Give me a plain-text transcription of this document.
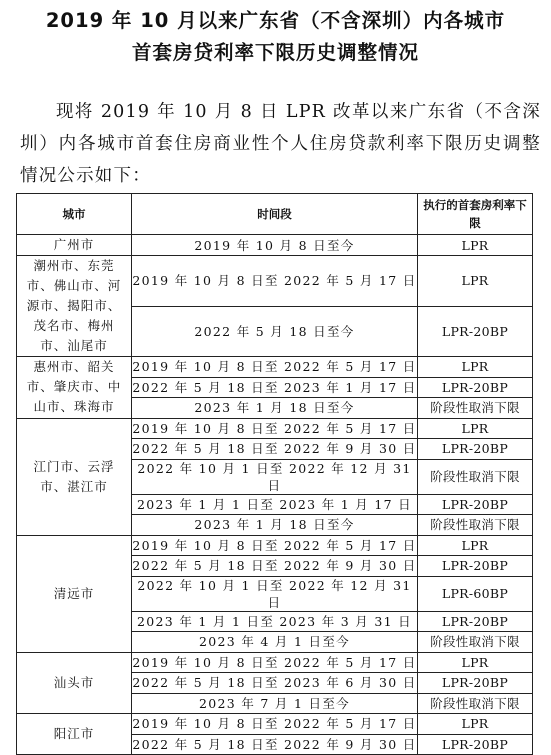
2019 年 10 月以来广东省（不含深圳）内各城市
首套房贷利率下限历史调整情况
现将 2019 年 10 月 8 日 LPR 改革以来广东省（不含深圳）内各城市首套住房商业性个人住房贷款利率下限历史调整情况公示如下：
城市	时间段	执行的首套房利率下限
广州市	2019 年 10 月 8 日至今	LPR
潮州市、东莞市、佛山市、河源市、揭阳市、茂名市、梅州市、汕尾市	2019 年 10 月 8 日至 2022 年 5 月 17 日	LPR
	2022 年 5 月 18 日至今	LPR-20BP
惠州市、韶关市、肇庆市、中山市、珠海市	2019 年 10 月 8 日至 2022 年 5 月 17 日	LPR
	2022 年 5 月 18 日至 2023 年 1 月 17 日	LPR-20BP
	2023 年 1 月 18 日至今	阶段性取消下限
江门市、云浮市、湛江市	2019 年 10 月 8 日至 2022 年 5 月 17 日	LPR
	2022 年 5 月 18 日至 2022 年 9 月 30 日	LPR-20BP
	2022 年 10 月 1 日至 2022 年 12 月 31 日	阶段性取消下限
	2023 年 1 月 1 日至 2023 年 1 月 17 日	LPR-20BP
	2023 年 1 月 18 日至今	阶段性取消下限
清远市	2019 年 10 月 8 日至 2022 年 5 月 17 日	LPR
	2022 年 5 月 18 日至 2022 年 9 月 30 日	LPR-20BP
	2022 年 10 月 1 日至 2022 年 12 月 31 日	LPR-60BP
	2023 年 1 月 1 日至 2023 年 3 月 31 日	LPR-20BP
	2023 年 4 月 1 日至今	阶段性取消下限
汕头市	2019 年 10 月 8 日至 2022 年 5 月 17 日	LPR
	2022 年 5 月 18 日至 2023 年 6 月 30 日	LPR-20BP
	2023 年 7 月 1 日至今	阶段性取消下限
阳江市	2019 年 10 月 8 日至 2022 年 5 月 17 日	LPR
	2022 年 5 月 18 日至 2022 年 9 月 30 日	LPR-20BP
